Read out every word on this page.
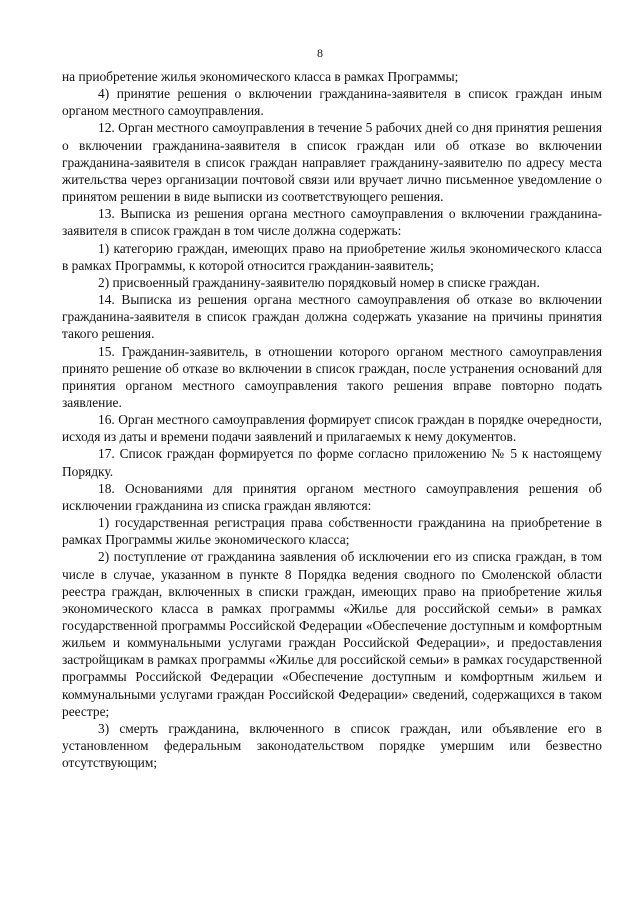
8

на приобретение жилья экономического класса в рамках Программы;

4) принятие решения о включении гражданина-заявителя в список граждан иным органом местного самоуправления.

12. Орган местного самоуправления в течение 5 рабочих дней со дня принятия решения о включении гражданина-заявителя в список граждан или об отказе во включении гражданина-заявителя в список граждан направляет гражданину-заявителю по адресу места жительства через организации почтовой связи или вручает лично письменное уведомление о принятом решении в виде выписки из соответствующего решения.

13. Выписка из решения органа местного самоуправления о включении гражданина-заявителя в список граждан в том числе должна содержать:

1) категорию граждан, имеющих право на приобретение жилья экономического класса в рамках Программы, к которой относится гражданин-заявитель;

2) присвоенный гражданину-заявителю порядковый номер в списке граждан.

14. Выписка из решения органа местного самоуправления об отказе во включении гражданина-заявителя в список граждан должна содержать указание на причины принятия такого решения.

15. Гражданин-заявитель, в отношении которого органом местного самоуправления принято решение об отказе во включении в список граждан, после устранения оснований для принятия органом местного самоуправления такого решения вправе повторно подать заявление.

16. Орган местного самоуправления формирует список граждан в порядке очередности, исходя из даты и времени подачи заявлений и прилагаемых к нему документов.

17. Список граждан формируется по форме согласно приложению № 5 к настоящему Порядку.

18. Основаниями для принятия органом местного самоуправления решения об исключении гражданина из списка граждан являются:

1) государственная регистрация права собственности гражданина на приобретение в рамках Программы жилье экономического класса;

2) поступление от гражданина заявления об исключении его из списка граждан, в том числе в случае, указанном в пункте 8 Порядка ведения сводного по Смоленской области реестра граждан, включенных в списки граждан, имеющих право на приобретение жилья экономического класса в рамках программы «Жилье для российской семьи» в рамках государственной программы Российской Федерации «Обеспечение доступным и комфортным жильем и коммунальными услугами граждан Российской Федерации», и предоставления застройщикам в рамках программы «Жилье для российской семьи» в рамках государственной программы Российской Федерации «Обеспечение доступным и комфортным жильем и коммунальными услугами граждан Российской Федерации» сведений, содержащихся в таком реестре;

3) смерть гражданина, включенного в список граждан, или объявление его в установленном федеральным законодательством порядке умершим или безвестно отсутствующим;
